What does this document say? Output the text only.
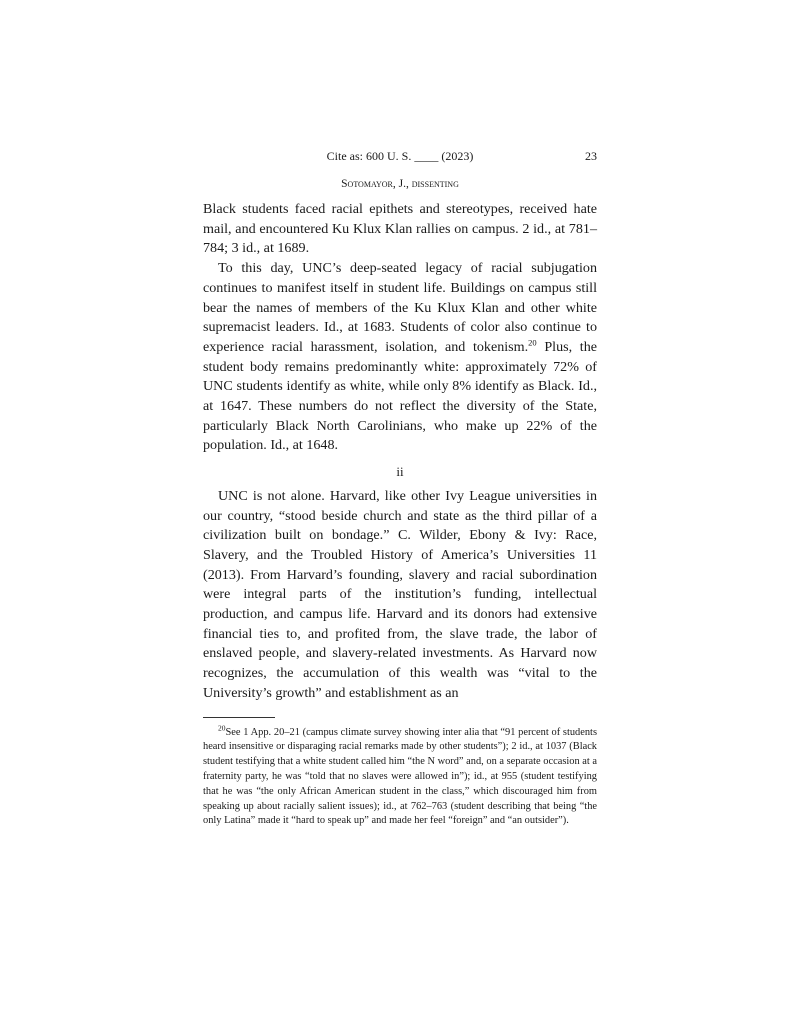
Cite as: 600 U. S. ____ (2023)	23
Sotomayor, J., dissenting

Black students faced racial epithets and stereotypes, received hate mail, and encountered Ku Klux Klan rallies on campus. 2 id., at 781–784; 3 id., at 1689.

To this day, UNC’s deep-seated legacy of racial subjugation continues to manifest itself in student life. Buildings on campus still bear the names of members of the Ku Klux Klan and other white supremacist leaders. Id., at 1683. Students of color also continue to experience racial harassment, isolation, and tokenism.$^{20}$ Plus, the student body remains predominantly white: approximately 72% of UNC students identify as white, while only 8% identify as Black. Id., at 1647. These numbers do not reflect the diversity of the State, particularly Black North Carolinians, who make up 22% of the population. Id., at 1648.

ii

UNC is not alone. Harvard, like other Ivy League universities in our country, “stood beside church and state as the third pillar of a civilization built on bondage.” C. Wilder, Ebony & Ivy: Race, Slavery, and the Troubled History of America’s Universities 11 (2013). From Harvard’s founding, slavery and racial subordination were integral parts of the institution’s funding, intellectual production, and campus life. Harvard and its donors had extensive financial ties to, and profited from, the slave trade, the labor of enslaved people, and slavery-related investments. As Harvard now recognizes, the accumulation of this wealth was “vital to the University’s growth” and establishment as an

$^{20}$See 1 App. 20–21 (campus climate survey showing inter alia that “91 percent of students heard insensitive or disparaging racial remarks made by other students”); 2 id., at 1037 (Black student testifying that a white student called him “the N word” and, on a separate occasion at a fraternity party, he was “told that no slaves were allowed in”); id., at 955 (student testifying that he was “the only African American student in the class,” which discouraged him from speaking up about racially salient issues); id., at 762–763 (student describing that being “the only Latina” made it “hard to speak up” and made her feel “foreign” and “an outsider”).
